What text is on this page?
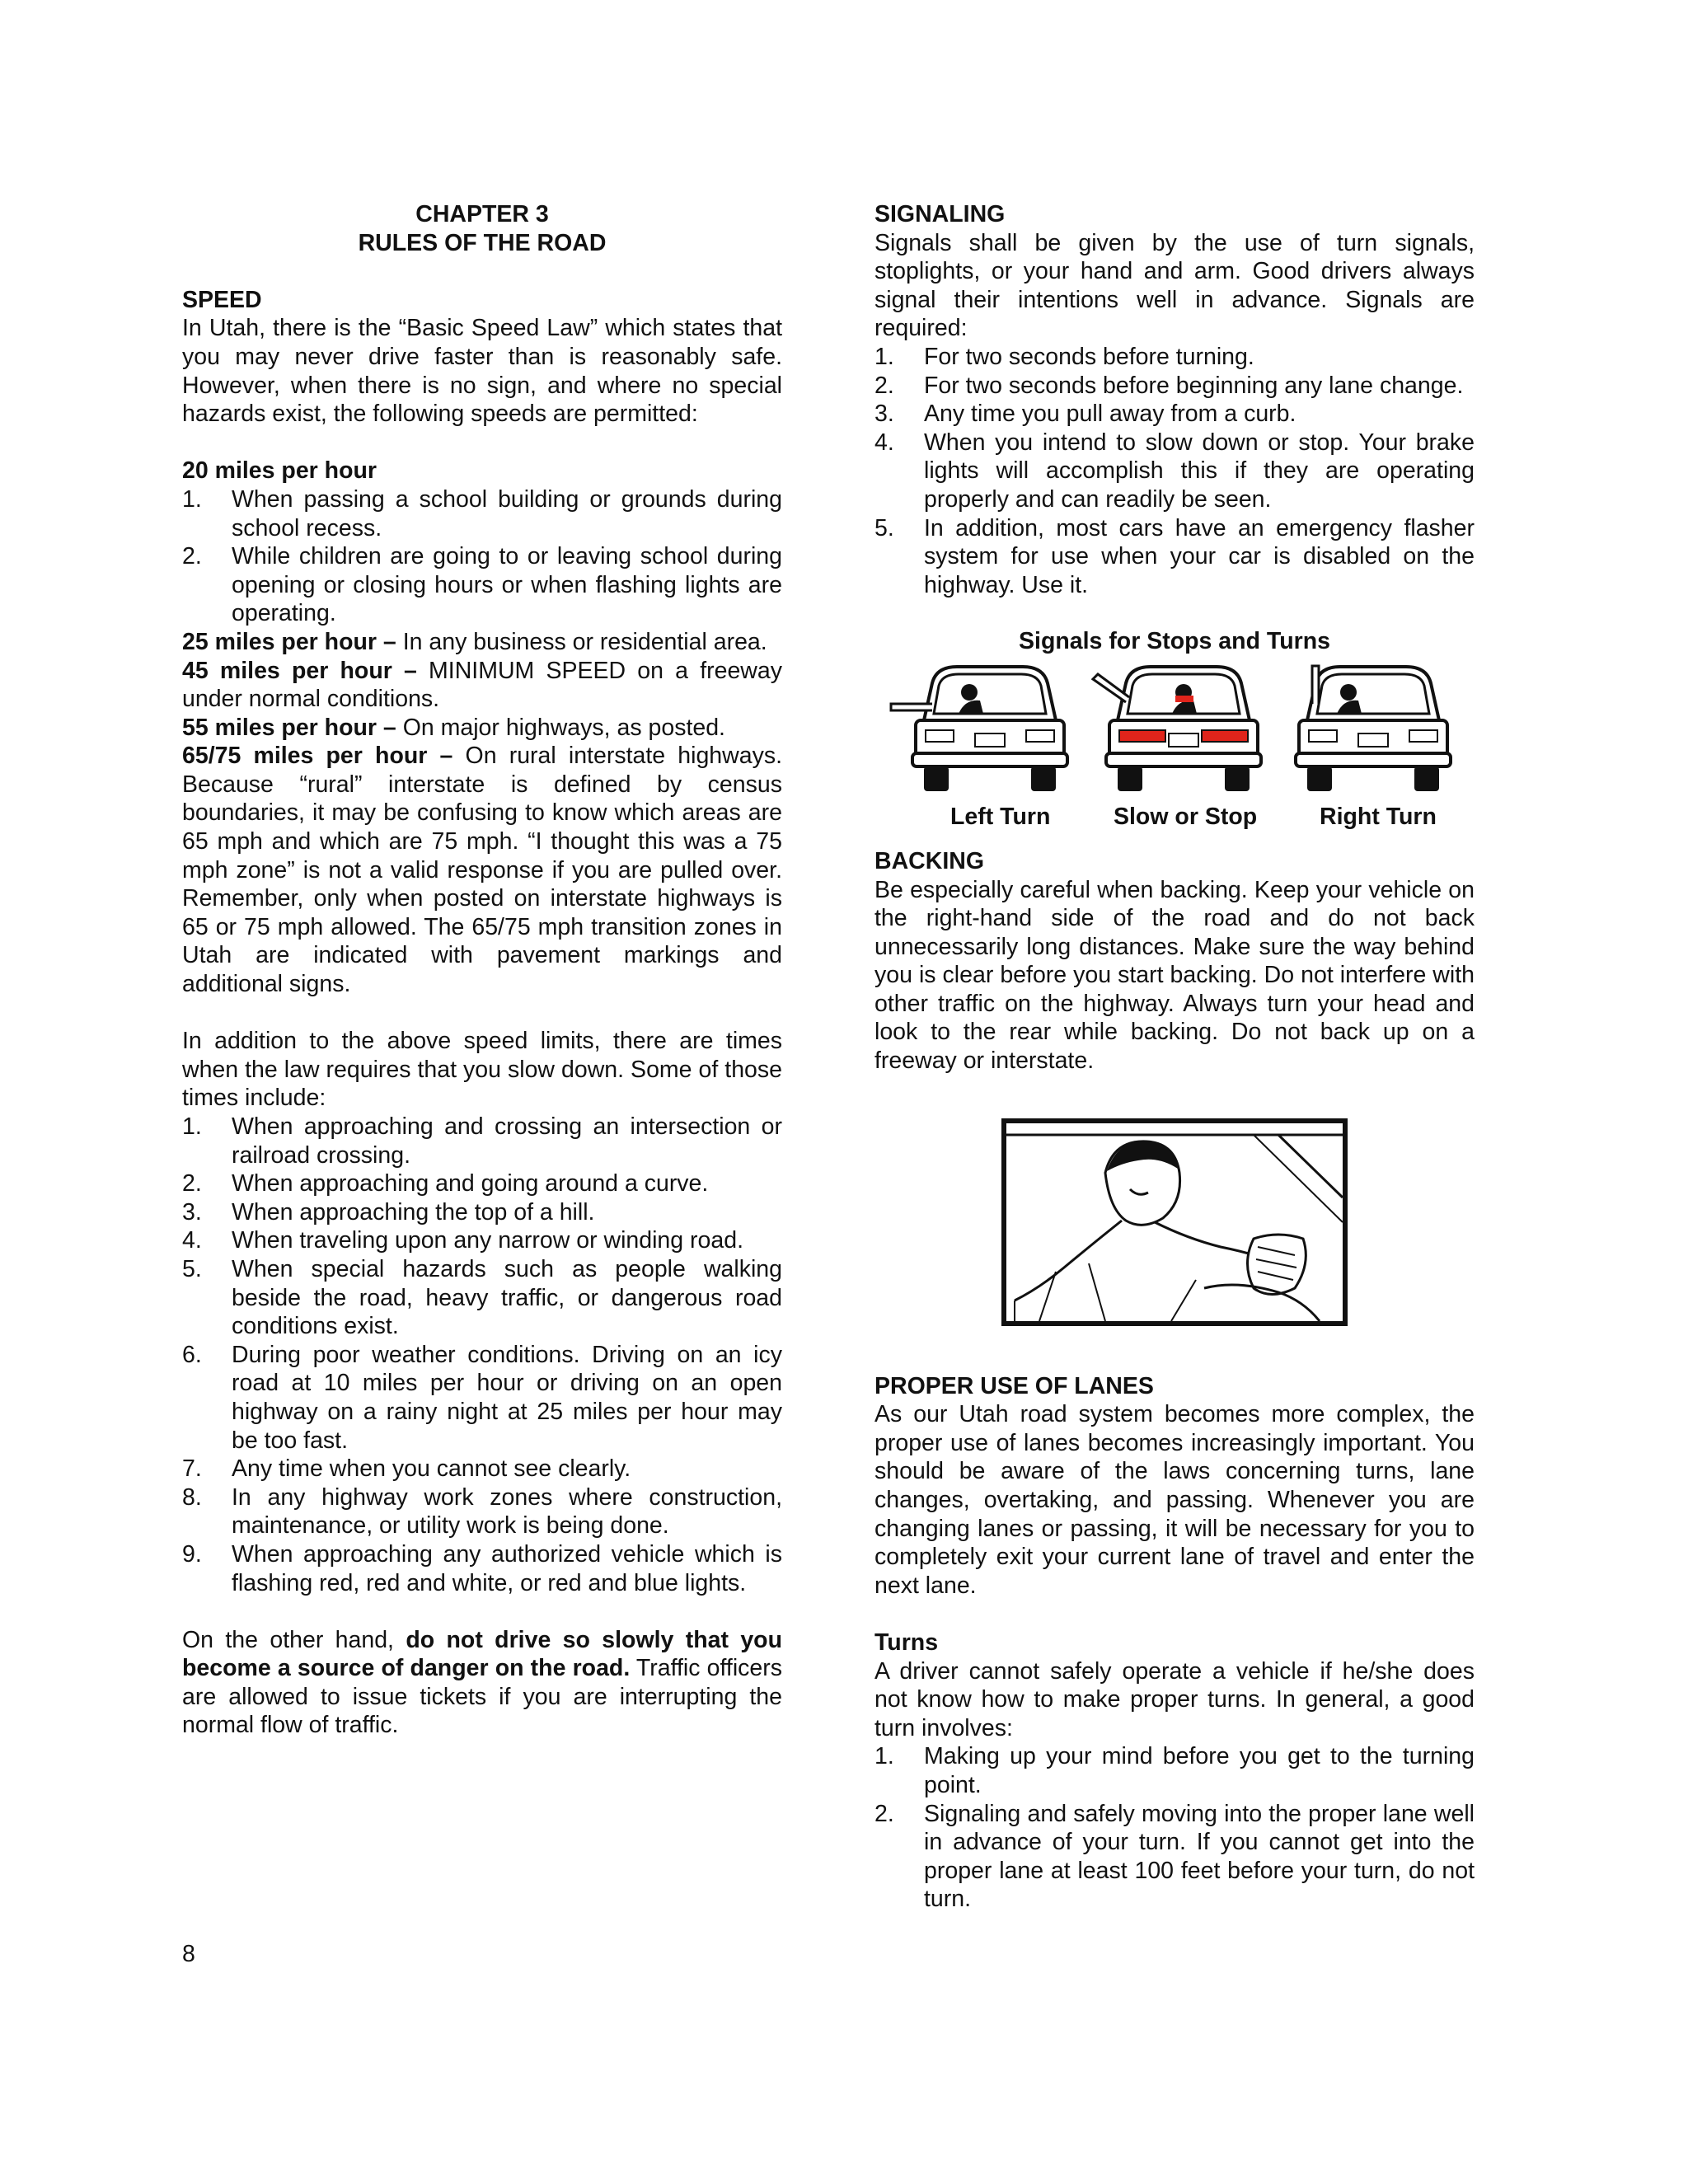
CHAPTER 3

RULES OF THE ROAD

SPEED

In Utah, there is the “Basic Speed Law” which states that you may never drive faster than is reasonably safe. However, when there is no sign, and where no special hazards exist, the following speeds are permitted:

20 miles per hour

1. When passing a school building or grounds during school recess.
2. While children are going to or leaving school during opening or closing hours or when flashing lights are operating.

25 miles per hour – In any business or residential area.

45 miles per hour – MINIMUM SPEED on a freeway under normal conditions.

55 miles per hour – On major highways, as posted.

65/75 miles per hour – On rural interstate highways. Because “rural” interstate is defined by census boundaries, it may be confusing to know which areas are 65 mph and which are 75 mph. “I thought this was a 75 mph zone” is not a valid response if you are pulled over. Remember, only when posted on interstate highways is 65 or 75 mph allowed. The 65/75 mph transition zones in Utah are indicated with pavement markings and additional signs.

In addition to the above speed limits, there are times when the law requires that you slow down. Some of those times include:

1. When approaching and crossing an intersection or railroad crossing.
2. When approaching and going around a curve.
3. When approaching the top of a hill.
4. When traveling upon any narrow or winding road.
5. When special hazards such as people walking beside the road, heavy traffic, or dangerous road conditions exist.
6. During poor weather conditions. Driving on an icy road at 10 miles per hour or driving on an open highway on a rainy night at 25 miles per hour may be too fast.
7. Any time when you cannot see clearly.
8. In any highway work zones where construction, maintenance, or utility work is being done.
9. When approaching any authorized vehicle which is flashing red, red and white, or red and blue lights.

On the other hand, do not drive so slowly that you become a source of danger on the road. Traffic officers are allowed to issue tickets if you are interrupting the normal flow of traffic.

SIGNALING

Signals shall be given by the use of turn signals, stoplights, or your hand and arm. Good drivers always signal their intentions well in advance. Signals are required:

1. For two seconds before turning.
2. For two seconds before beginning any lane change.
3. Any time you pull away from a curb.
4. When you intend to slow down or stop. Your brake lights will accomplish this if they are operating properly and can readily be seen.
5. In addition, most cars have an emergency flasher system for use when your car is disabled on the highway. Use it.

Signals for Stops and Turns

Left Turn	Slow or Stop	Right Turn

BACKING

Be especially careful when backing. Keep your vehicle on the right-hand side of the road and do not back unnecessarily long distances. Make sure the way behind you is clear before you start backing. Do not interfere with other traffic on the highway. Always turn your head and look to the rear while backing. Do not back up on a freeway or interstate.

PROPER USE OF LANES

As our Utah road system becomes more complex, the proper use of lanes becomes increasingly important. You should be aware of the laws concerning turns, lane changes, overtaking, and passing. Whenever you are changing lanes or passing, it will be necessary for you to completely exit your current lane of travel and enter the next lane.

Turns

A driver cannot safely operate a vehicle if he/she does not know how to make proper turns. In general, a good turn involves:

1. Making up your mind before you get to the turning point.
2. Signaling and safely moving into the proper lane well in advance of your turn. If you cannot get into the proper lane at least 100 feet before your turn, do not turn.
8
